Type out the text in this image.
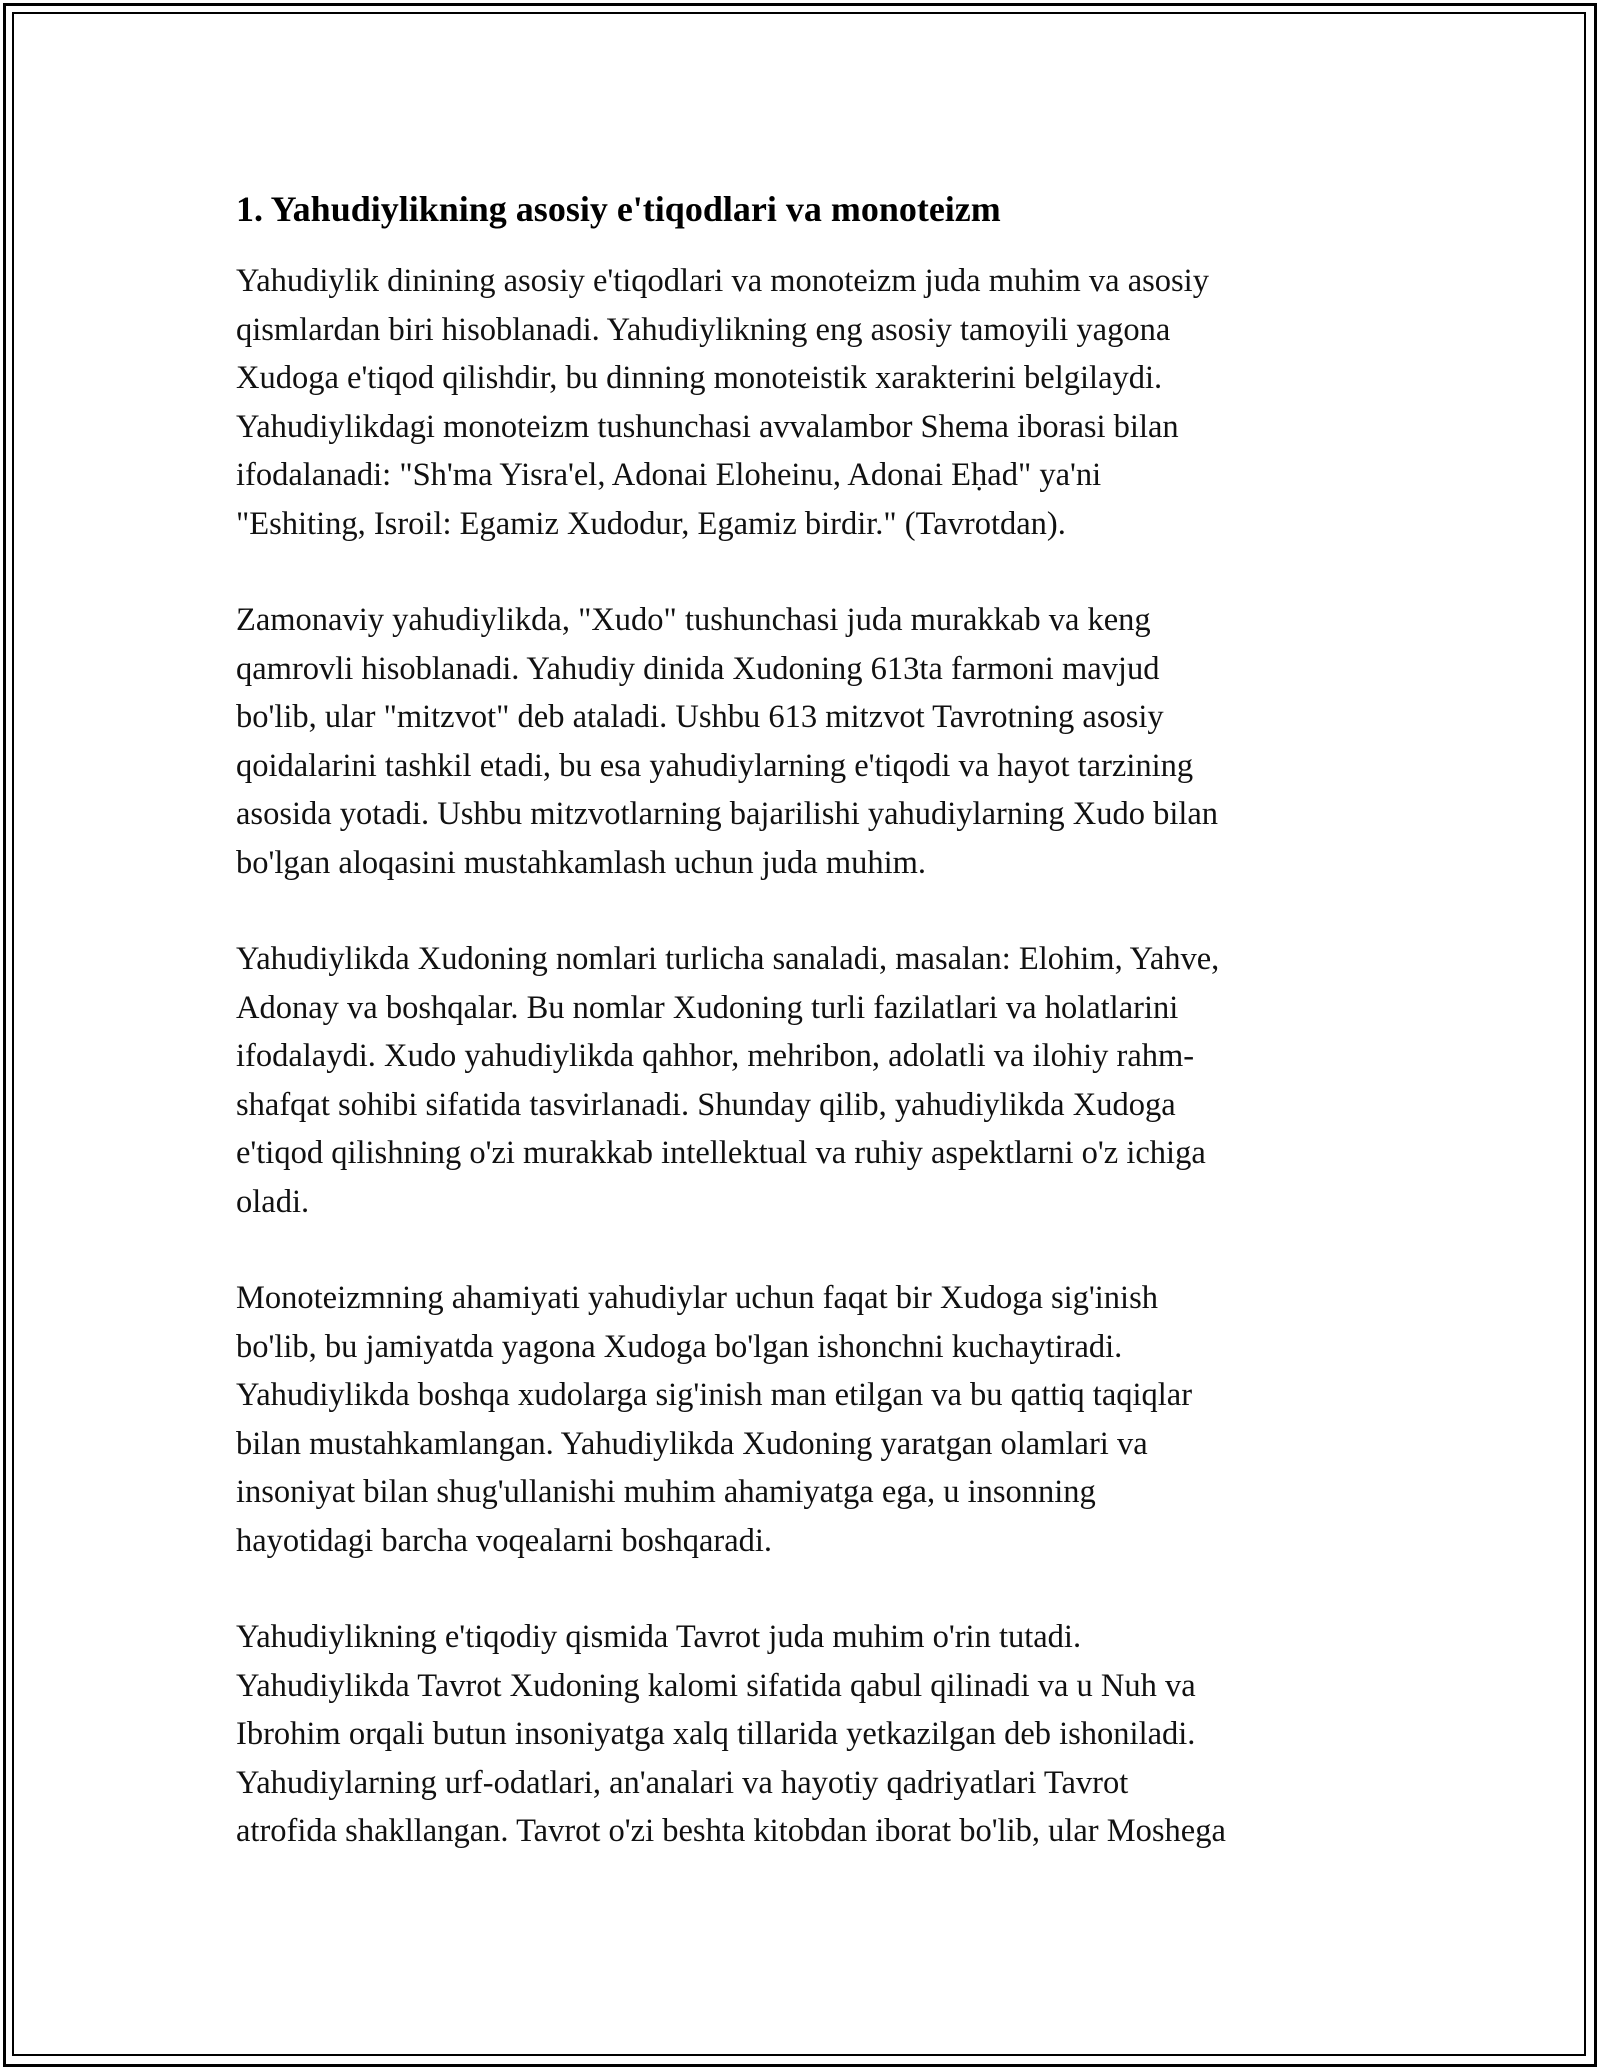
1. Yahudiylikning asosiy e'tiqodlari va monoteizm

Yahudiylik dinining asosiy e'tiqodlari va monoteizm juda muhim va asosiy
qismlardan biri hisoblanadi. Yahudiylikning eng asosiy tamoyili yagona
Xudoga e'tiqod qilishdir, bu dinning monoteistik xarakterini belgilaydi.
Yahudiylikdagi monoteizm tushunchasi avvalambor Shema iborasi bilan
ifodalanadi: "Sh'ma Yisra'el, Adonai Eloheinu, Adonai Eḥad" ya'ni
"Eshiting, Isroil: Egamiz Xudodur, Egamiz birdir." (Tavrotdan).

Zamonaviy yahudiylikda, "Xudo" tushunchasi juda murakkab va keng
qamrovli hisoblanadi. Yahudiy dinida Xudoning 613ta farmoni mavjud
bo'lib, ular "mitzvot" deb ataladi. Ushbu 613 mitzvot Tavrotning asosiy
qoidalarini tashkil etadi, bu esa yahudiylarning e'tiqodi va hayot tarzining
asosida yotadi. Ushbu mitzvotlarning bajarilishi yahudiylarning Xudo bilan
bo'lgan aloqasini mustahkamlash uchun juda muhim.

Yahudiylikda Xudoning nomlari turlicha sanaladi, masalan: Elohim, Yahve,
Adonay va boshqalar. Bu nomlar Xudoning turli fazilatlari va holatlarini
ifodalaydi. Xudo yahudiylikda qahhor, mehribon, adolatli va ilohiy rahm-
shafqat sohibi sifatida tasvirlanadi. Shunday qilib, yahudiylikda Xudoga
e'tiqod qilishning o'zi murakkab intellektual va ruhiy aspektlarni o'z ichiga
oladi.

Monoteizmning ahamiyati yahudiylar uchun faqat bir Xudoga sig'inish
bo'lib, bu jamiyatda yagona Xudoga bo'lgan ishonchni kuchaytiradi.
Yahudiylikda boshqa xudolarga sig'inish man etilgan va bu qattiq taqiqlar
bilan mustahkamlangan. Yahudiylikda Xudoning yaratgan olamlari va
insoniyat bilan shug'ullanishi muhim ahamiyatga ega, u insonning
hayotidagi barcha voqealarni boshqaradi.

Yahudiylikning e'tiqodiy qismida Tavrot juda muhim o'rin tutadi.
Yahudiylikda Tavrot Xudoning kalomi sifatida qabul qilinadi va u Nuh va
Ibrohim orqali butun insoniyatga xalq tillarida yetkazilgan deb ishoniladi.
Yahudiylarning urf-odatlari, an'analari va hayotiy qadriyatlari Tavrot
atrofida shakllangan. Tavrot o'zi beshta kitobdan iborat bo'lib, ular Moshega
